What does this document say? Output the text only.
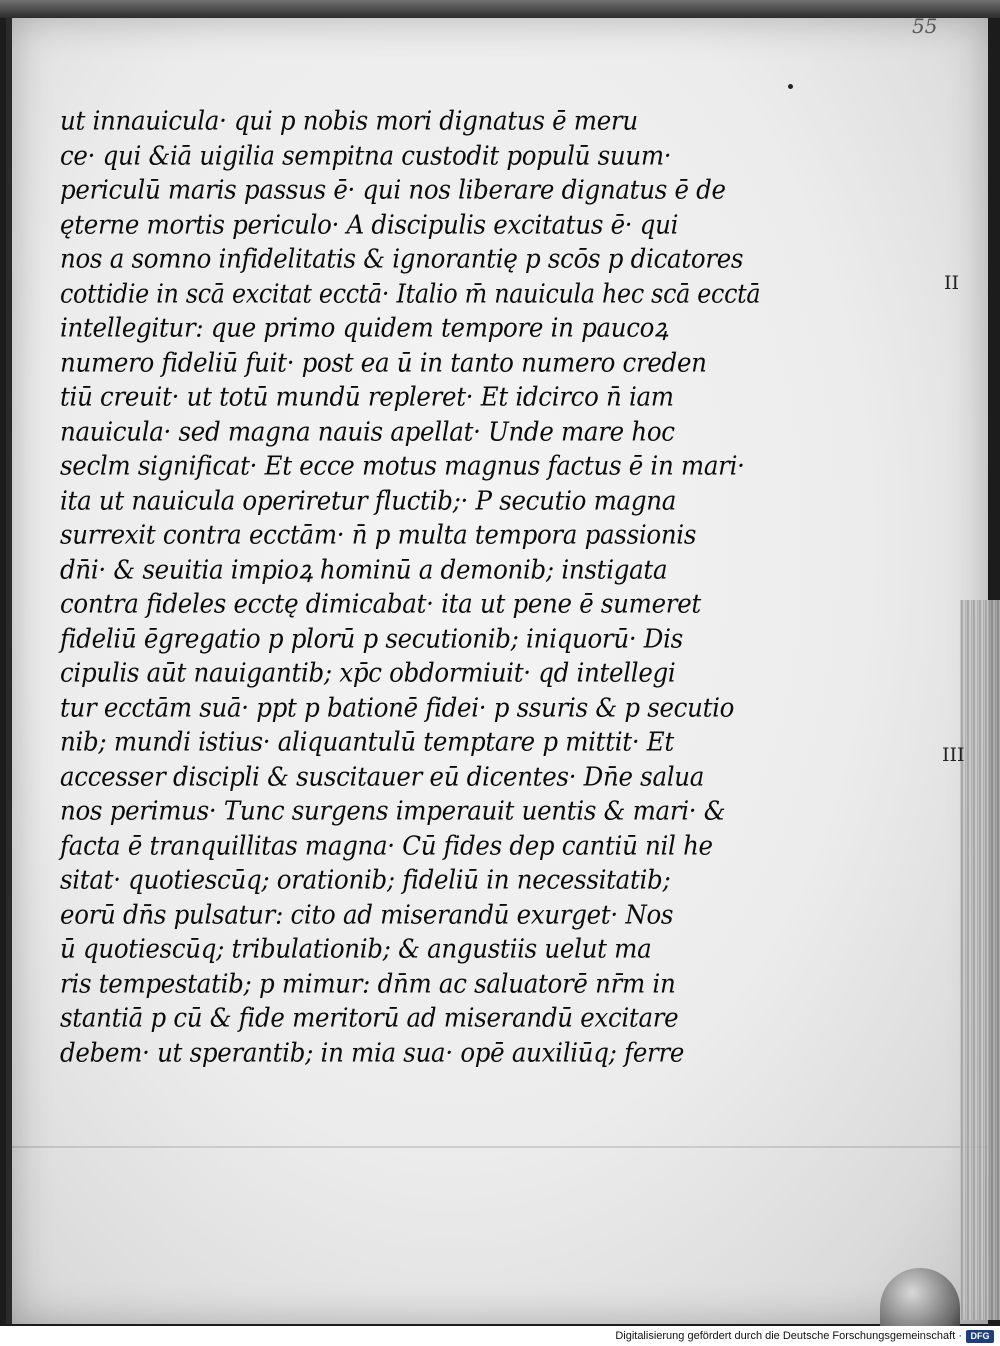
55
ut innauicula· qui p nobis mori dignatus ē meru
ce· qui &iā uigilia sempitna custodit populū suum·
periculū maris passus ē· qui nos liberare dignatus ē de
ęterne mortis periculo· A discipulis excitatus ē· qui
nos a somno infidelitatis & ignorantię p scōs p dicatores
cottidie in scā excitat ecctā· Italio m̄ nauicula hec scā ecctā
intellegitur: que primo quidem tempore in paucoꝝ
numero fideliū fuit· post ea ū in tanto numero creden
tiū creuit· ut totū mundū repleret· Et idcirco n̄ iam
nauicula· sed magna nauis apellat· Unde mare hoc
seclm significat· Et ecce motus magnus factus ē in mari·
ita ut nauicula operiretur fluctib;· P secutio magna
surrexit contra ecctām· n̄ p multa tempora passionis
dn̄i· & seuitia impioꝝ hominū a demonib; instigata
contra fideles ecctę dimicabat· ita ut pene ē sumeret
fideliū ēgregatio p plorū p secutionib; iniquorū· Dis
cipulis aūt nauigantib; xp̄c obdormiuit· qd intellegi
tur ecctām suā· ppt p bationē fidei· p ssuris & p secutio
nib; mundi istius· aliquantulū temptare p mittit· Et
accesser discipli & suscitauer eū dicentes· Dn̄e salua
nos perimus· Tunc surgens imperauit uentis & mari· &
facta ē tranquillitas magna· Cū fides dep cantiū nil he
sitat· quotiescūq; orationib; fideliū in necessitatib;
eorū dn̄s pulsatur: cito ad miserandū exurget· Nos
ū quotiescūq; tribulationib; & angustiis uelut ma
ris tempestatib; p mimur: dn̄m ac saluatorē nr̄m in
stantiā p cū & fide meritorū ad miserandū excitare
debem· ut sperantib; in mia sua· opē auxiliūq; ferre
II
III
Digitalisierung gefördert durch die Deutsche Forschungsgemeinschaft · DFG
